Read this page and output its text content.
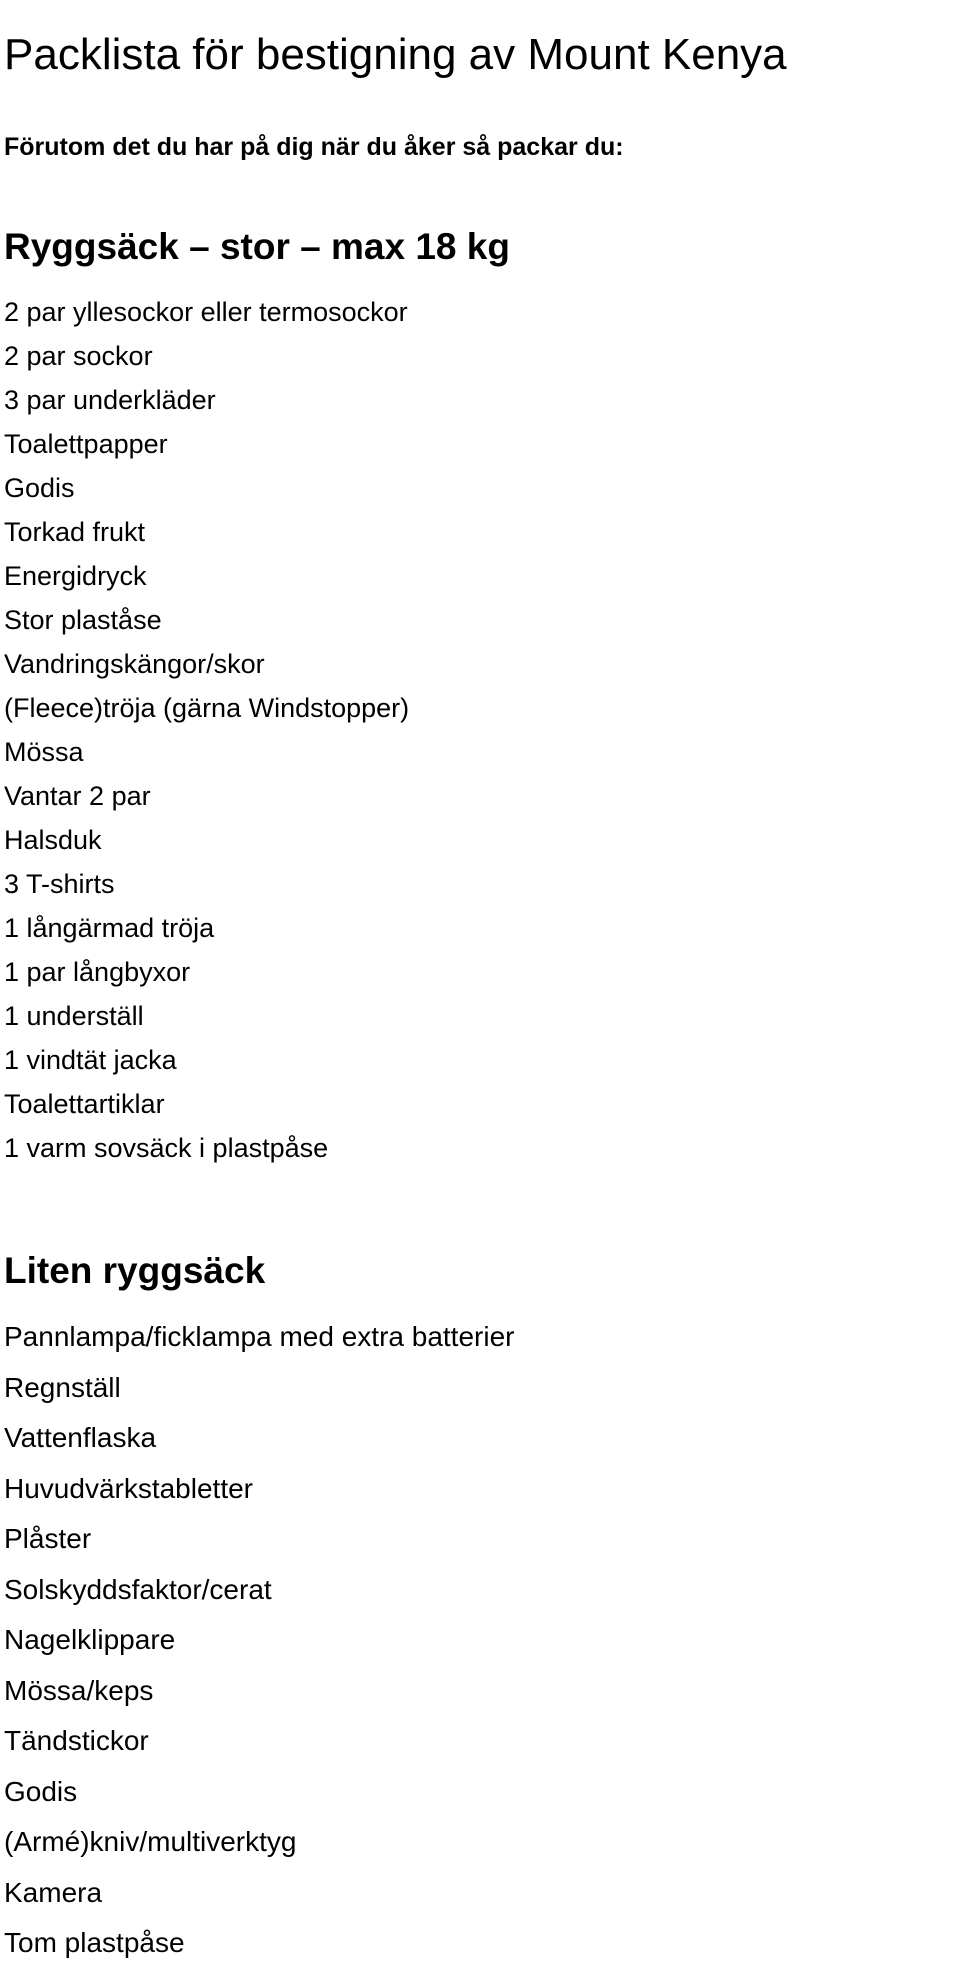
Packlista för bestigning av Mount Kenya

Förutom det du har på dig när du åker så packar du:

Ryggsäck – stor – max 18 kg
2 par yllesockor eller termosockor
2 par sockor
3 par underkläder
Toalettpapper
Godis
Torkad frukt
Energidryck
Stor plaståse
Vandringskängor/skor
(Fleece)tröja (gärna Windstopper)
Mössa
Vantar 2 par
Halsduk
3 T-shirts
1 långärmad tröja
1 par långbyxor
1 underställ
1 vindtät jacka
Toalettartiklar
1 varm sovsäck i plastpåse
Liten ryggsäck
Pannlampa/ficklampa med extra batterier
Regnställ
Vattenflaska
Huvudvärkstabletter
Plåster
Solskyddsfaktor/cerat
Nagelklippare
Mössa/keps
Tändstickor
Godis
(Armé)kniv/multiverktyg
Kamera
Tom plastpåse
